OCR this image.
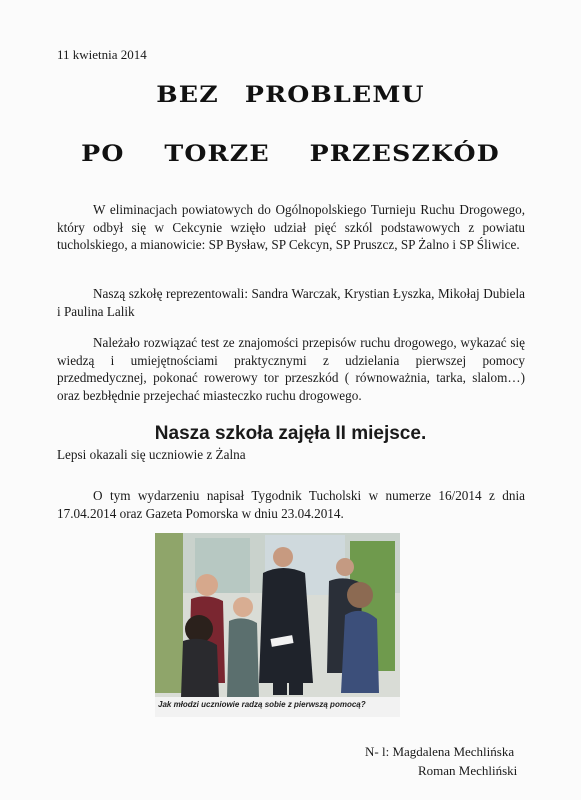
11 kwietnia 2014
BEZ PROBLEMU
PO TORZE PRZESZKÓD

W eliminacjach powiatowych do Ogólnopolskiego Turnieju Ruchu Drogowego, który odbył się w Cekcynie wzięło udział pięć szkól podstawowych z powiatu tucholskiego, a mianowicie: SP Bysław, SP Cekcyn, SP Pruszcz, SP Żalno i SP Śliwice.

Naszą szkołę reprezentowali: Sandra Warczak, Krystian Łyszka, Mikołaj Dubiela i Paulina Lalik

Należało rozwiązać test ze znajomości przepisów ruchu drogowego, wykazać się wiedzą i umiejętnościami praktycznymi z udzielania pierwszej pomocy przedmedycznej, pokonać rowerowy tor przeszkód ( równoważnia, tarka, slalom…) oraz bezbłędnie przejechać miasteczko ruchu drogowego.

Nasza szkoła zajęła II miejsce.
Lepsi okazali się uczniowie z Żalna

O tym wydarzeniu napisał Tygodnik Tucholski w numerze 16/2014 z dnia 17.04.2014 oraz Gazeta Pomorska w dniu 23.04.2014.

Jak młodzi uczniowie radzą sobie z pierwszą pomocą?
N- l: Magdalena Mechlińska
Roman Mechliński
